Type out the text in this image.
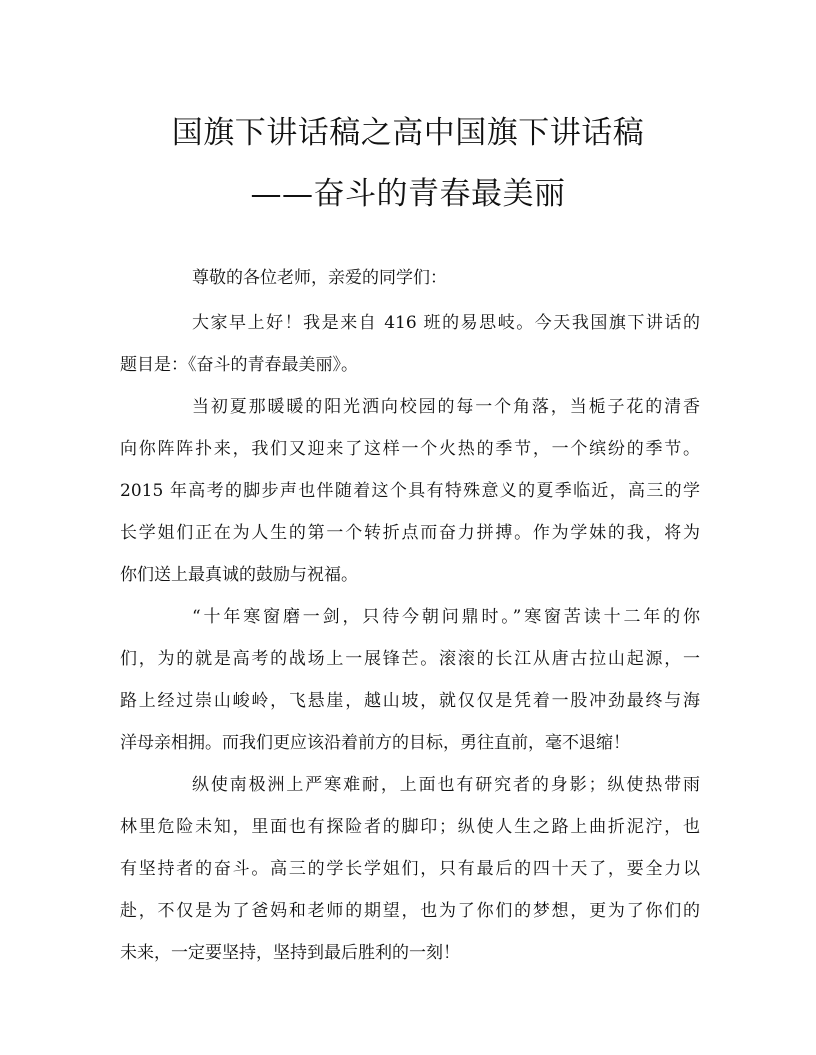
国旗下讲话稿之高中国旗下讲话稿
——奋斗的青春最美丽
尊敬的各位老师，亲爱的同学们：
大家早上好！我是来自 416 班的易思岐。今天我国旗下讲话的
题目是：《奋斗的青春最美丽》。
当初夏那暖暖的阳光洒向校园的每一个角落，当栀子花的清香
向你阵阵扑来，我们又迎来了这样一个火热的季节，一个缤纷的季节。
2015 年高考的脚步声也伴随着这个具有特殊意义的夏季临近，高三的学
长学姐们正在为人生的第一个转折点而奋力拼搏。作为学妹的我，将为
你们送上最真诚的鼓励与祝福。
“十年寒窗磨一剑，只待今朝问鼎时。”寒窗苦读十二年的你
们，为的就是高考的战场上一展锋芒。滚滚的长江从唐古拉山起源，一
路上经过崇山峻岭，飞悬崖，越山坡，就仅仅是凭着一股冲劲最终与海
洋母亲相拥。而我们更应该沿着前方的目标，勇往直前，毫不退缩！
纵使南极洲上严寒难耐，上面也有研究者的身影；纵使热带雨
林里危险未知，里面也有探险者的脚印；纵使人生之路上曲折泥泞，也
有坚持者的奋斗。高三的学长学姐们，只有最后的四十天了，要全力以
赴，不仅是为了爸妈和老师的期望，也为了你们的梦想，更为了你们的
未来，一定要坚持，坚持到最后胜利的一刻！
